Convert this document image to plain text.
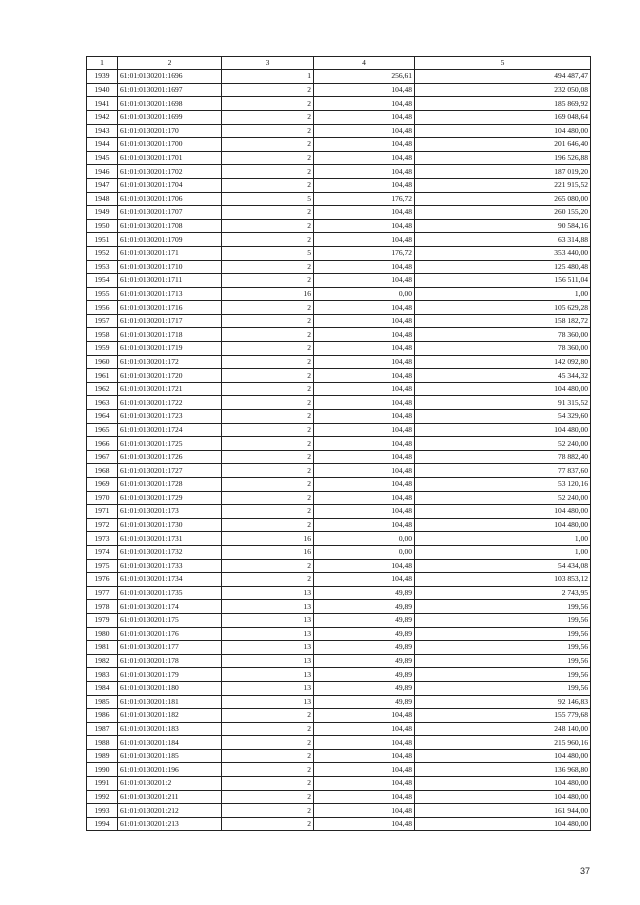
1	2	3	4	5
1939	61:01:0130201:1696	1	256,61	494 487,47
1940	61:01:0130201:1697	2	104,48	232 050,08
1941	61:01:0130201:1698	2	104,48	185 869,92
1942	61:01:0130201:1699	2	104,48	169 048,64
1943	61:01:0130201:170	2	104,48	104 480,00
1944	61:01:0130201:1700	2	104,48	201 646,40
1945	61:01:0130201:1701	2	104,48	196 526,88
1946	61:01:0130201:1702	2	104,48	187 019,20
1947	61:01:0130201:1704	2	104,48	221 915,52
1948	61:01:0130201:1706	5	176,72	265 080,00
1949	61:01:0130201:1707	2	104,48	260 155,20
1950	61:01:0130201:1708	2	104,48	90 584,16
1951	61:01:0130201:1709	2	104,48	63 314,88
1952	61:01:0130201:171	5	176,72	353 440,00
1953	61:01:0130201:1710	2	104,48	125 480,48
1954	61:01:0130201:1711	2	104,48	156 511,04
1955	61:01:0130201:1713	16	0,00	1,00
1956	61:01:0130201:1716	2	104,48	105 629,28
1957	61:01:0130201:1717	2	104,48	158 182,72
1958	61:01:0130201:1718	2	104,48	78 360,00
1959	61:01:0130201:1719	2	104,48	78 360,00
1960	61:01:0130201:172	2	104,48	142 092,80
1961	61:01:0130201:1720	2	104,48	45 344,32
1962	61:01:0130201:1721	2	104,48	104 480,00
1963	61:01:0130201:1722	2	104,48	91 315,52
1964	61:01:0130201:1723	2	104,48	54 329,60
1965	61:01:0130201:1724	2	104,48	104 480,00
1966	61:01:0130201:1725	2	104,48	52 240,00
1967	61:01:0130201:1726	2	104,48	78 882,40
1968	61:01:0130201:1727	2	104,48	77 837,60
1969	61:01:0130201:1728	2	104,48	53 120,16
1970	61:01:0130201:1729	2	104,48	52 240,00
1971	61:01:0130201:173	2	104,48	104 480,00
1972	61:01:0130201:1730	2	104,48	104 480,00
1973	61:01:0130201:1731	16	0,00	1,00
1974	61:01:0130201:1732	16	0,00	1,00
1975	61:01:0130201:1733	2	104,48	54 434,08
1976	61:01:0130201:1734	2	104,48	103 853,12
1977	61:01:0130201:1735	13	49,89	2 743,95
1978	61:01:0130201:174	13	49,89	199,56
1979	61:01:0130201:175	13	49,89	199,56
1980	61:01:0130201:176	13	49,89	199,56
1981	61:01:0130201:177	13	49,89	199,56
1982	61:01:0130201:178	13	49,89	199,56
1983	61:01:0130201:179	13	49,89	199,56
1984	61:01:0130201:180	13	49,89	199,56
1985	61:01:0130201:181	13	49,89	92 146,83
1986	61:01:0130201:182	2	104,48	155 779,68
1987	61:01:0130201:183	2	104,48	248 140,00
1988	61:01:0130201:184	2	104,48	215 960,16
1989	61:01:0130201:185	2	104,48	104 480,00
1990	61:01:0130201:196	2	104,48	136 968,80
1991	61:01:0130201:2	2	104,48	104 480,00
1992	61:01:0130201:211	2	104,48	104 480,00
1993	61:01:0130201:212	2	104,48	161 944,00
1994	61:01:0130201:213	2	104,48	104 480,00
37
